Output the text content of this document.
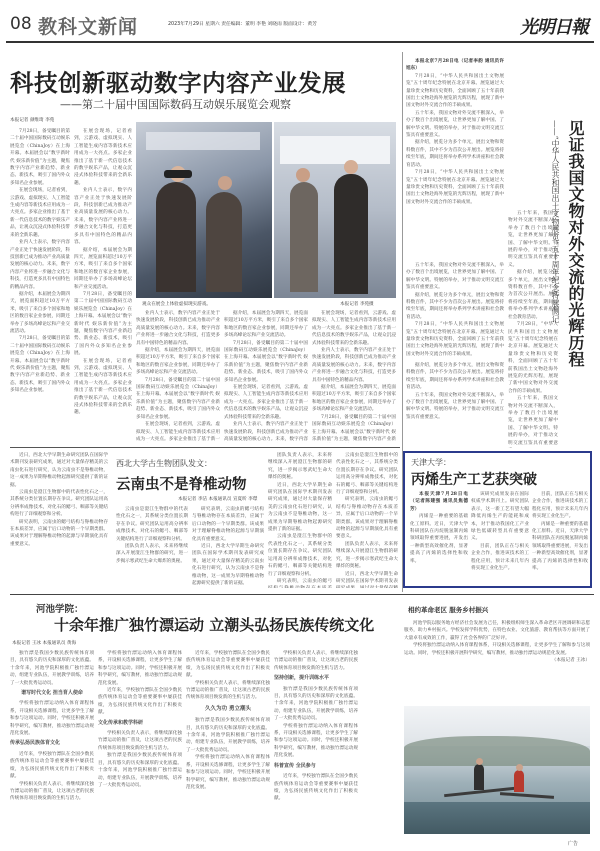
08 教科文新闻	2023年7月29日 星期六 责任编辑：董明 李艳 刘晓雨 版面设计：黄芳	光明日報
科技创新驱动数字内容产业发展
——第二十届中国国际数码互动娱乐展览会观察
本报记者 颜维琦 李苑

7月28日，备受瞩目的第二十届中国国际数码互动娱乐展览会（ChinaJoy）在上海开幕。本届展会以“数字新时代 娱乐新价值”为主题，聚焦数字内容产业新趋势、新业态、新技术，吸引了国内外众多知名企业参展。

在展会现场，记者看到，云游戏、虚拟现实、人工智能生成内容等新技术应用成为一大亮点。多家企业推出了基于新一代信息技术的数字娱乐产品，让观众沉浸式体验科技带来的全新乐趣。

业内人士表示，数字内容产业正处于快速发展阶段，科技创新已成为推动产业高质量发展的核心动力。未来，数字内容产业将进一步融合文化与科技，打造更多具有中国特色的精品内容。

据介绍，本届展会为期四天，展览面积超过10万平方米，吸引了来自多个国家和地区的数百家企业参展，同期还举办了多场高峰论坛和产业交流活动。

7月28日，备受瞩目的第二十届中国国际数码互动娱乐展览会（ChinaJoy）在上海开幕。本届展会以“数字新时代 娱乐新价值”为主题，聚焦数字内容产业新趋势、新业态、新技术，吸引了国内外众多知名企业参展。

在展会现场，记者看到，云游戏、虚拟现实、人工智能生成内容等新技术应用成为一大亮点。多家企业推出了基于新一代信息技术的数字娱乐产品，让观众沉浸式体验科技带来的全新乐趣。

业内人士表示，数字内容产业正处于快速发展阶段，科技创新已成为推动产业高质量发展的核心动力。未来，数字内容产业将进一步融合文化与科技，打造更多具有中国特色的精品内容。

据介绍，本届展会为期四天，展览面积超过10万平方米，吸引了来自多个国家和地区的数百家企业参展，同期还举办了多场高峰论坛和产业交流活动。

7月28日，备受瞩目的第二十届中国国际数码互动娱乐展览会（ChinaJoy）在上海开幕。本届展会以“数字新时代 娱乐新价值”为主题，聚焦数字内容产业新趋势、新业态、新技术，吸引了国内外众多知名企业参展。

在展会现场，记者看到，云游戏、虚拟现实、人工智能生成内容等新技术应用成为一大亮点。多家企业推出了基于新一代信息技术的数字娱乐产品，让观众沉浸式体验科技带来的全新乐趣。

观众在展会上体验虚拟现实游戏。	本报记者 李苑摄

业内人士表示，数字内容产业正处于快速发展阶段，科技创新已成为推动产业高质量发展的核心动力。未来，数字内容产业将进一步融合文化与科技，打造更多具有中国特色的精品内容。

据介绍，本届展会为期四天，展览面积超过10万平方米，吸引了来自多个国家和地区的数百家企业参展，同期还举办了多场高峰论坛和产业交流活动。

7月28日，备受瞩目的第二十届中国国际数码互动娱乐展览会（ChinaJoy）在上海开幕。本届展会以“数字新时代 娱乐新价值”为主题，聚焦数字内容产业新趋势、新业态、新技术，吸引了国内外众多知名企业参展。

在展会现场，记者看到，云游戏、虚拟现实、人工智能生成内容等新技术应用成为一大亮点。多家企业推出了基于新一

据介绍，本届展会为期四天，展览面积超过10万平方米，吸引了来自多个国家和地区的数百家企业参展，同期还举办了多场高峰论坛和产业交流活动。

7月28日，备受瞩目的第二十届中国国际数码互动娱乐展览会（ChinaJoy）在上海开幕。本届展会以“数字新时代 娱乐新价值”为主题，聚焦数字内容产业新趋势、新业态、新技术，吸引了国内外众多知名企业参展。

在展会现场，记者看到，云游戏、虚拟现实、人工智能生成内容等新技术应用成为一大亮点。多家企业推出了基于新一代信息技术的数字娱乐产品，让观众沉浸式体验科技带来的全新乐趣。

业内人士表示，数字内容产业正处于快速发展阶段，科技创新已成为推动产业高质量发展的核心动力。未来，数字内容

在展会现场，记者看到，云游戏、虚拟现实、人工智能生成内容等新技术应用成为一大亮点。多家企业推出了基于新一代信息技术的数字娱乐产品，让观众沉浸式体验科技带来的全新乐趣。

业内人士表示，数字内容产业正处于快速发展阶段，科技创新已成为推动产业高质量发展的核心动力。未来，数字内容产业将进一步融合文化与科技，打造更多具有中国特色的精品内容。

据介绍，本届展会为期四天，展览面积超过10万平方米，吸引了来自多个国家和地区的数百家企业参展，同期还举办了多场高峰论坛和产业交流活动。

7月28日，备受瞩目的第二十届中国国际数码互动娱乐展览会（ChinaJoy）在上海开幕。本届展会以“数字新时代 娱乐新价值”为主题，聚焦数字内容产业新

近日，西北大学早期生命研究团队在国际学术期刊发表研究成果，通过对大量保存精美的云南虫化石进行研究，认为云南虫不是脊椎动物，这一成果为早期脊椎动物起源研究提供了新的证据。

云南虫是澄江生物群中的代表性化石之一，其系统分类位置长期存在争议。研究团队运用高分辨率成像技术，对化石的鳃弓、咽部等关键结构进行了详细观察和分析。

研究表明，云南虫的鳃弓结构与脊椎动物存在本质差异，应属于后口动物的一个早期类群。该成果对于理解脊椎动物的起源与早期演化具有重要意义。

西北大学古生物团队发文：
云南虫不是脊椎动物
本报记者 李洁 本报通讯员 宣夏昕 李璟

云南虫是澄江生物群中的代表性化石之一，其系统分类位置长期存在争议。研究团队运用高分辨率成像技术，对化石的鳃弓、咽部等关键结构进行了详细观察和分析。

团队负责人表示，未来将继续深入开展澄江生物群的研究，进一步揭示寒武纪生命大爆炸的奥秘。

研究表明，云南虫的鳃弓结构与脊椎动物存在本质差异，应属于后口动物的一个早期类群。该成果对于理解脊椎动物的起源与早期演化具有重要意义。

近日，西北大学早期生命研究团队在国际学术期刊发表研究成果，通过对大量保存精美的云南虫化石进行研究，认为云南虫不是脊椎动物，这一成果为早期脊椎动物起源研究提供了新的证据。

团队负责人表示，未来将继续深入开展澄江生物群的研究，进一步揭示寒武纪生命大爆炸的奥秘。

近日，西北大学早期生命研究团队在国际学术期刊发表研究成果，通过对大量保存精美的云南虫化石进行研究，认为云南虫不是脊椎动物，这一成果为早期脊椎动物起源研究提供了新的证据。

云南虫是澄江生物群中的代表性化石之一，其系统分类位置长期存在争议。研究团队运用高分辨率成像技术，对化石的鳃弓、咽部等关键结构进行了详细观察和分析。

研究表明，云南虫的鳃弓

云南虫是澄江生物群中的代表性化石之一，其系统分类位置长期存在争议。研究团队运用高分辨率成像技术，对化石的鳃弓、咽部等关键结构进行了详细观察和分析。

研究表明，云南虫的鳃弓结构与脊椎动物存在本质差异，应属于后口动物的一个早期类群。该成果对于理解脊椎动物的起源与早期演化具有重要意义。

团队负责人表示，未来将继续深入开展澄江生物群的研究，进一步揭示寒武纪生命大爆炸的奥秘。

近日，西北大学早期生命研究团队在国际学术期刊发表

本报北京7月28日电（记者李韵 通讯员许旭东）

7月28日，“中华人民共和国出土文物展览”五十周年纪念特展在北京开幕。展览通过大量珍贵文物和历史资料，全面回顾了五十年前我国出土文物赴海外展览的光辉历程，展现了新中国文物对外交流合作的丰硕成果。

五十年来，我国文物对外交流不断深入，举办了数百个出境展览，让世界更加了解中国、了解中华文明。特展的举办，对于推动文明交流互鉴具有重要意义。

据介绍，展览分为多个单元，展出文物和资料数百件，其中不少为首次公开展出。展览将持续至年底，期间还将举办系列学术讲座和社会教育活动。

7月28日，“中华人民共和国出土文物展览”五十周年纪念特展在北京开幕。展览通过大量珍贵文物和历史资料，全面回顾了五十年前我国出土文物赴海外展览的光辉历程，展现了新中国文物对外交流合作的丰硕成果。

五十年来，我国文物对外交流不断深入，举办了数百个出境展览，让世界更加了解中国、了解中华文明。特展的举办，对于推动文明交流互鉴具有重要意义。

据介绍，展览分为多个单元，展出文物和资料数百件，其中不少为首次公开展出。展览将持续至年底，期间还将举办系列学术讲座和社会教育活动。

7月28日，“中华人民共和国出土文物展览”五十周年纪念特展在北京开幕。展览通过大量珍贵文物和历史资料，全面回顾了五十年前我国出土文物赴海外展览的光辉历程，展现了新中国文物对外交流合作的丰硕成果。

据介绍，展览分为多个单元，展出文物和资料数百件，其中不少为首次公开展出。展览将持续至年底，期间还将举办系列学术讲座和社会教育活动。

五十年来，我国文物对外交流不断深入，举办了数百个出境展览，让世界更加了解中国、了解中华文明。特展的举办，对于推动文明交流互鉴具有重要意义。

五十年来，我国文物对外交流不断深入，举办了数百个出境展览，让世界更加了解中国、了解中华文明。特展的举办，对于推动文明交流互鉴具有重要意义。

据介绍，展览分为多个单元，展出文物和资料数百件，其中不少为首次公开展出。展览将持续至年底，期间还将举办系列学术讲座和社会教育活动。

7月28日，“中华人民共和国出土文物展览”五十周年纪念特展在北京开幕。展览通过大量珍贵文物和历史资料，全面回顾了五十年前我国出土文物赴海外展览的光辉历程，展现了新中国文物对外交流合作的丰硕成果。

五十年来，我国文物对外交流不断深入，举办了数百个出境展览，让世界更加了解中国、了解中华文明。特展的举办，对于推动文明交流互鉴具有重要意

见证我国文物对外交流的光辉历程
——“中华人民共和国出土文物展览”五十周年纪念特展侧记
天津大学：
丙烯生产工艺获突破

本报天津7月28日电（记者陈建强 通讯员焦德芳）

丙烯是一种重要的基础化工原料。近日，天津大学科研团队在丙烷脱氢制丙烯领域取得重要进展，开发出一种新型高效催化剂，显著提高了丙烯的选择性和收率。

该研究成果发表在国际权威学术期刊上。研究团队表示，这一新工艺有望大幅降低丙烯生产的能耗和成本，对于推动我国化工产业绿色低碳转型具有重要意义。

目前，团队正在与相关企业合作，推进该技术的工程化应用，预计未来几年内将实现工业化生产。

目前，团队正在与相关企业合作，推进该技术的工程化应用，预计未来几年内将实现工业化生产。

丙烯是一种重要的基础化工原料。近日，天津大学科研团队在丙烷脱氢制丙烯领域取得重要进展，开发出一种新型高效催化剂，显著提高了丙烯的选择性和收率。

河池学院：
十余年推广独竹漂运动 立潮头弘扬民族传统文化
本报记者 王冰 本报通讯员 黄海

独竹漂是我国少数民族传统体育项目，具有悠久的历史和深厚的文化底蕴。十余年来，河池学院积极推广独竹漂运动，组建专业队伍，开展教学训练，培养了一大批优秀运动员。

谱写时代文化 担当育人使命

学校将独竹漂运动纳入体育课程体系，开设相关选修课程，让更多学生了解和参与这项运动。同时，学校还积极开展科学研究，编写教材，推动独竹漂运动规范化发展。

传承弘扬民族体育文化

近年来，学校独竹漂队在全国少数民族传统体育运动会等重要赛事中屡获佳绩，为弘扬民族传统文化作出了积极贡献。

学校相关负责人表示，将继续深化独竹漂运动的推广普及，让这项古老的民族传统体育项目焕发新的生机与活力。

学校将独竹漂运动纳入体育课程体系，开设相关选修课程，让更多学生了解和参与这项运动。同时，学校还积极开展科学研究，编写教材，推动独竹漂运动规范化发展。

近年来，学校独竹漂队在全国少数民族传统体育运动会等重要赛事中屡获佳绩，为弘扬民族传统文化作出了积极贡献。

文化传承和教学科研

学校相关负责人表示，将继续深化独竹漂运动的推广普及，让这项古老的民族传统体育项目焕发新的生机与活力。

独竹漂是我国少数民族传统体育项目，具有悠久的历史和深厚的文化底蕴。十余年来，河池学院积极推广独竹漂运动，组建专业队伍，开展教学训练，培养了一大批优秀运动员。

近年来，学校独竹漂队在全国少数民族传统体育运动会等重要赛事中屡获佳绩，为弘扬民族传统文化作出了积极贡献。

学校相关负责人表示，将继续深化独竹漂运动的推广普及，让这项古老的民族传统体育项目焕发新的生机与活力。

久久为功 勇立潮头

独竹漂是我国少数民族传统体育项目，具有悠久的历史和深厚的文化底蕴。十余年来，河池学院积极推广独竹漂运动，组建专业队伍，开展教学训练，培养了一大批优秀运动员。

学校将独竹漂运动纳入体育课程体系，开设相关选修课程，让更多学生了解和参与这项运动。同时，学校还积极开展科学研究，编写教材，推动独竹漂运动规范化发展。

学校相关负责人表示，将继续深化独竹漂运动的推广普及，让这项古老的民族传统体育项目焕发新的生机与活力。

坚持创新，提升训练水平

独竹漂是我国少数民族传统体育项目，具有悠久的历史和深厚的文化底蕴。十余年来，河池学院积极推广独竹漂运动，组建专业队伍，开展教学训练，培养了一大批优秀运动员。

学校将独竹漂运动纳入体育课程体系，开设相关选修课程，让更多学生了解和参与这项运动。同时，学校还积极开展科学研究，编写教材，推动独竹漂运动规范化发展。

科普宣传 全民参与

近年来，学校独竹漂队在全国少数民族传统体育运动会等重要赛事中屡获佳绩，为弘扬民族传统文化作出了积极贡献。

相约革命老区 服务乡村振兴

河池学院以服务地方经济社会发展为己任，积极组织师生深入革命老区开展调研和志愿服务，助力乡村振兴。学校发挥学科优势，在特色农业、文化旅游、教育帮扶等方面开展了大量卓有成效的工作，赢得了社会各界的广泛好评。

学校将独竹漂运动纳入体育课程体系，开设相关选修课程，让更多学生了解和参与这项运动。同时，学校还积极开展科学研究，编写教材，推动独竹漂运动规范化发展。

（本报记者 王冰）
广告
